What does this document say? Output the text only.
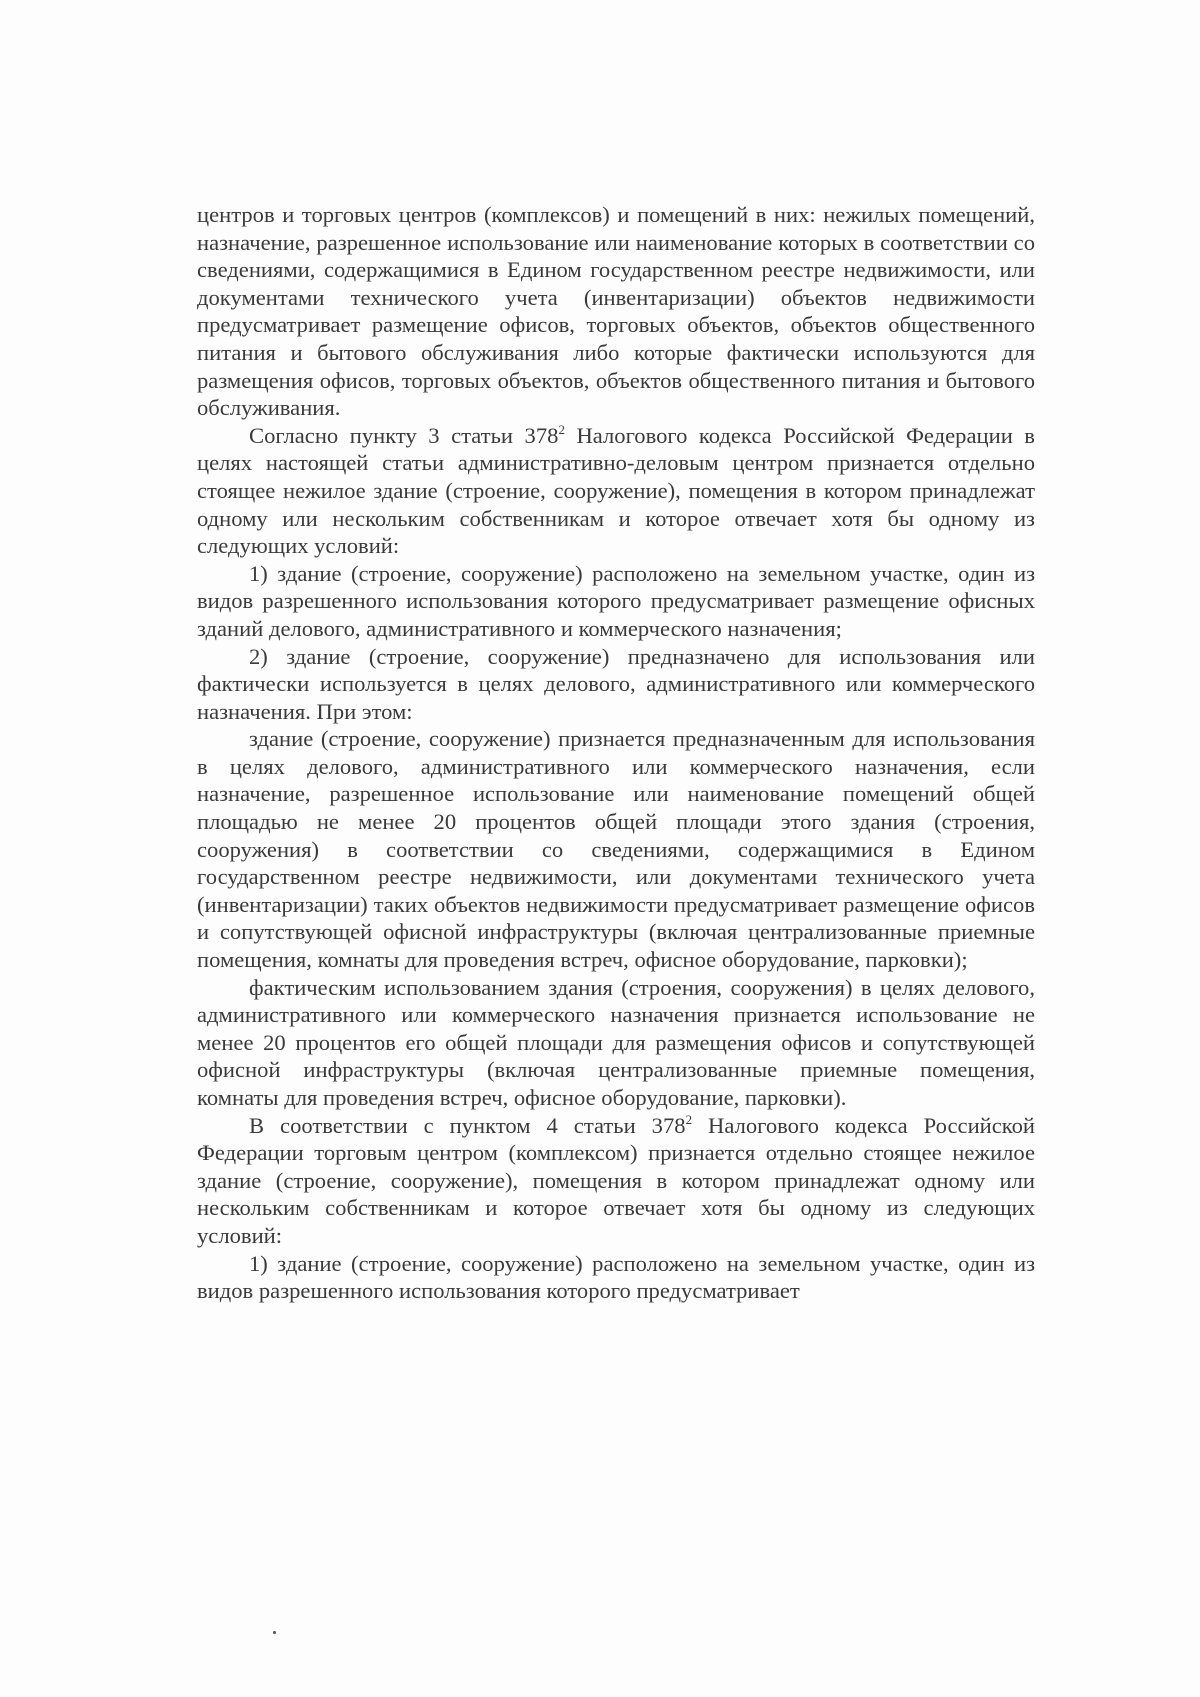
центров и торговых центров (комплексов) и помещений в них: нежилых помещений, назначение, разрешенное использование или наименование которых в соответствии со сведениями, содержащимися в Едином государственном реестре недвижимости, или документами технического учета (инвентаризации) объектов недвижимости предусматривает размещение офисов, торговых объектов, объектов общественного питания и бытового обслуживания либо которые фактически используются для размещения офисов, торговых объектов, объектов общественного питания и бытового обслуживания.

Согласно пункту 3 статьи $378^2$ Налогового кодекса Российской Федерации в целях настоящей статьи административно-деловым центром признается отдельно стоящее нежилое здание (строение, сооружение), помещения в котором принадлежат одному или нескольким собственникам и которое отвечает хотя бы одному из следующих условий:

1) здание (строение, сооружение) расположено на земельном участке, один из видов разрешенного использования которого предусматривает размещение офисных зданий делового, административного и коммерческого назначения;

2) здание (строение, сооружение) предназначено для использования или фактически используется в целях делового, административного или коммерческого назначения. При этом:

здание (строение, сооружение) признается предназначенным для использования в целях делового, административного или коммерческого назначения, если назначение, разрешенное использование или наименование помещений общей площадью не менее 20 процентов общей площади этого здания (строения, сооружения) в соответствии со сведениями, содержащимися в Едином государственном реестре недвижимости, или документами технического учета (инвентаризации) таких объектов недвижимости предусматривает размещение офисов и сопутствующей офисной инфраструктуры (включая централизованные приемные помещения, комнаты для проведения встреч, офисное оборудование, парковки);

фактическим использованием здания (строения, сооружения) в целях делового, административного или коммерческого назначения признается использование не менее 20 процентов его общей площади для размещения офисов и сопутствующей офисной инфраструктуры (включая централизованные приемные помещения, комнаты для проведения встреч, офисное оборудование, парковки).

В соответствии с пунктом 4 статьи $378^2$ Налогового кодекса Российской Федерации торговым центром (комплексом) признается отдельно стоящее нежилое здание (строение, сооружение), помещения в котором принадлежат одному или нескольким собственникам и которое отвечает хотя бы одному из следующих условий:

1) здание (строение, сооружение) расположено на земельном участке, один из видов разрешенного использования которого предусматривает
